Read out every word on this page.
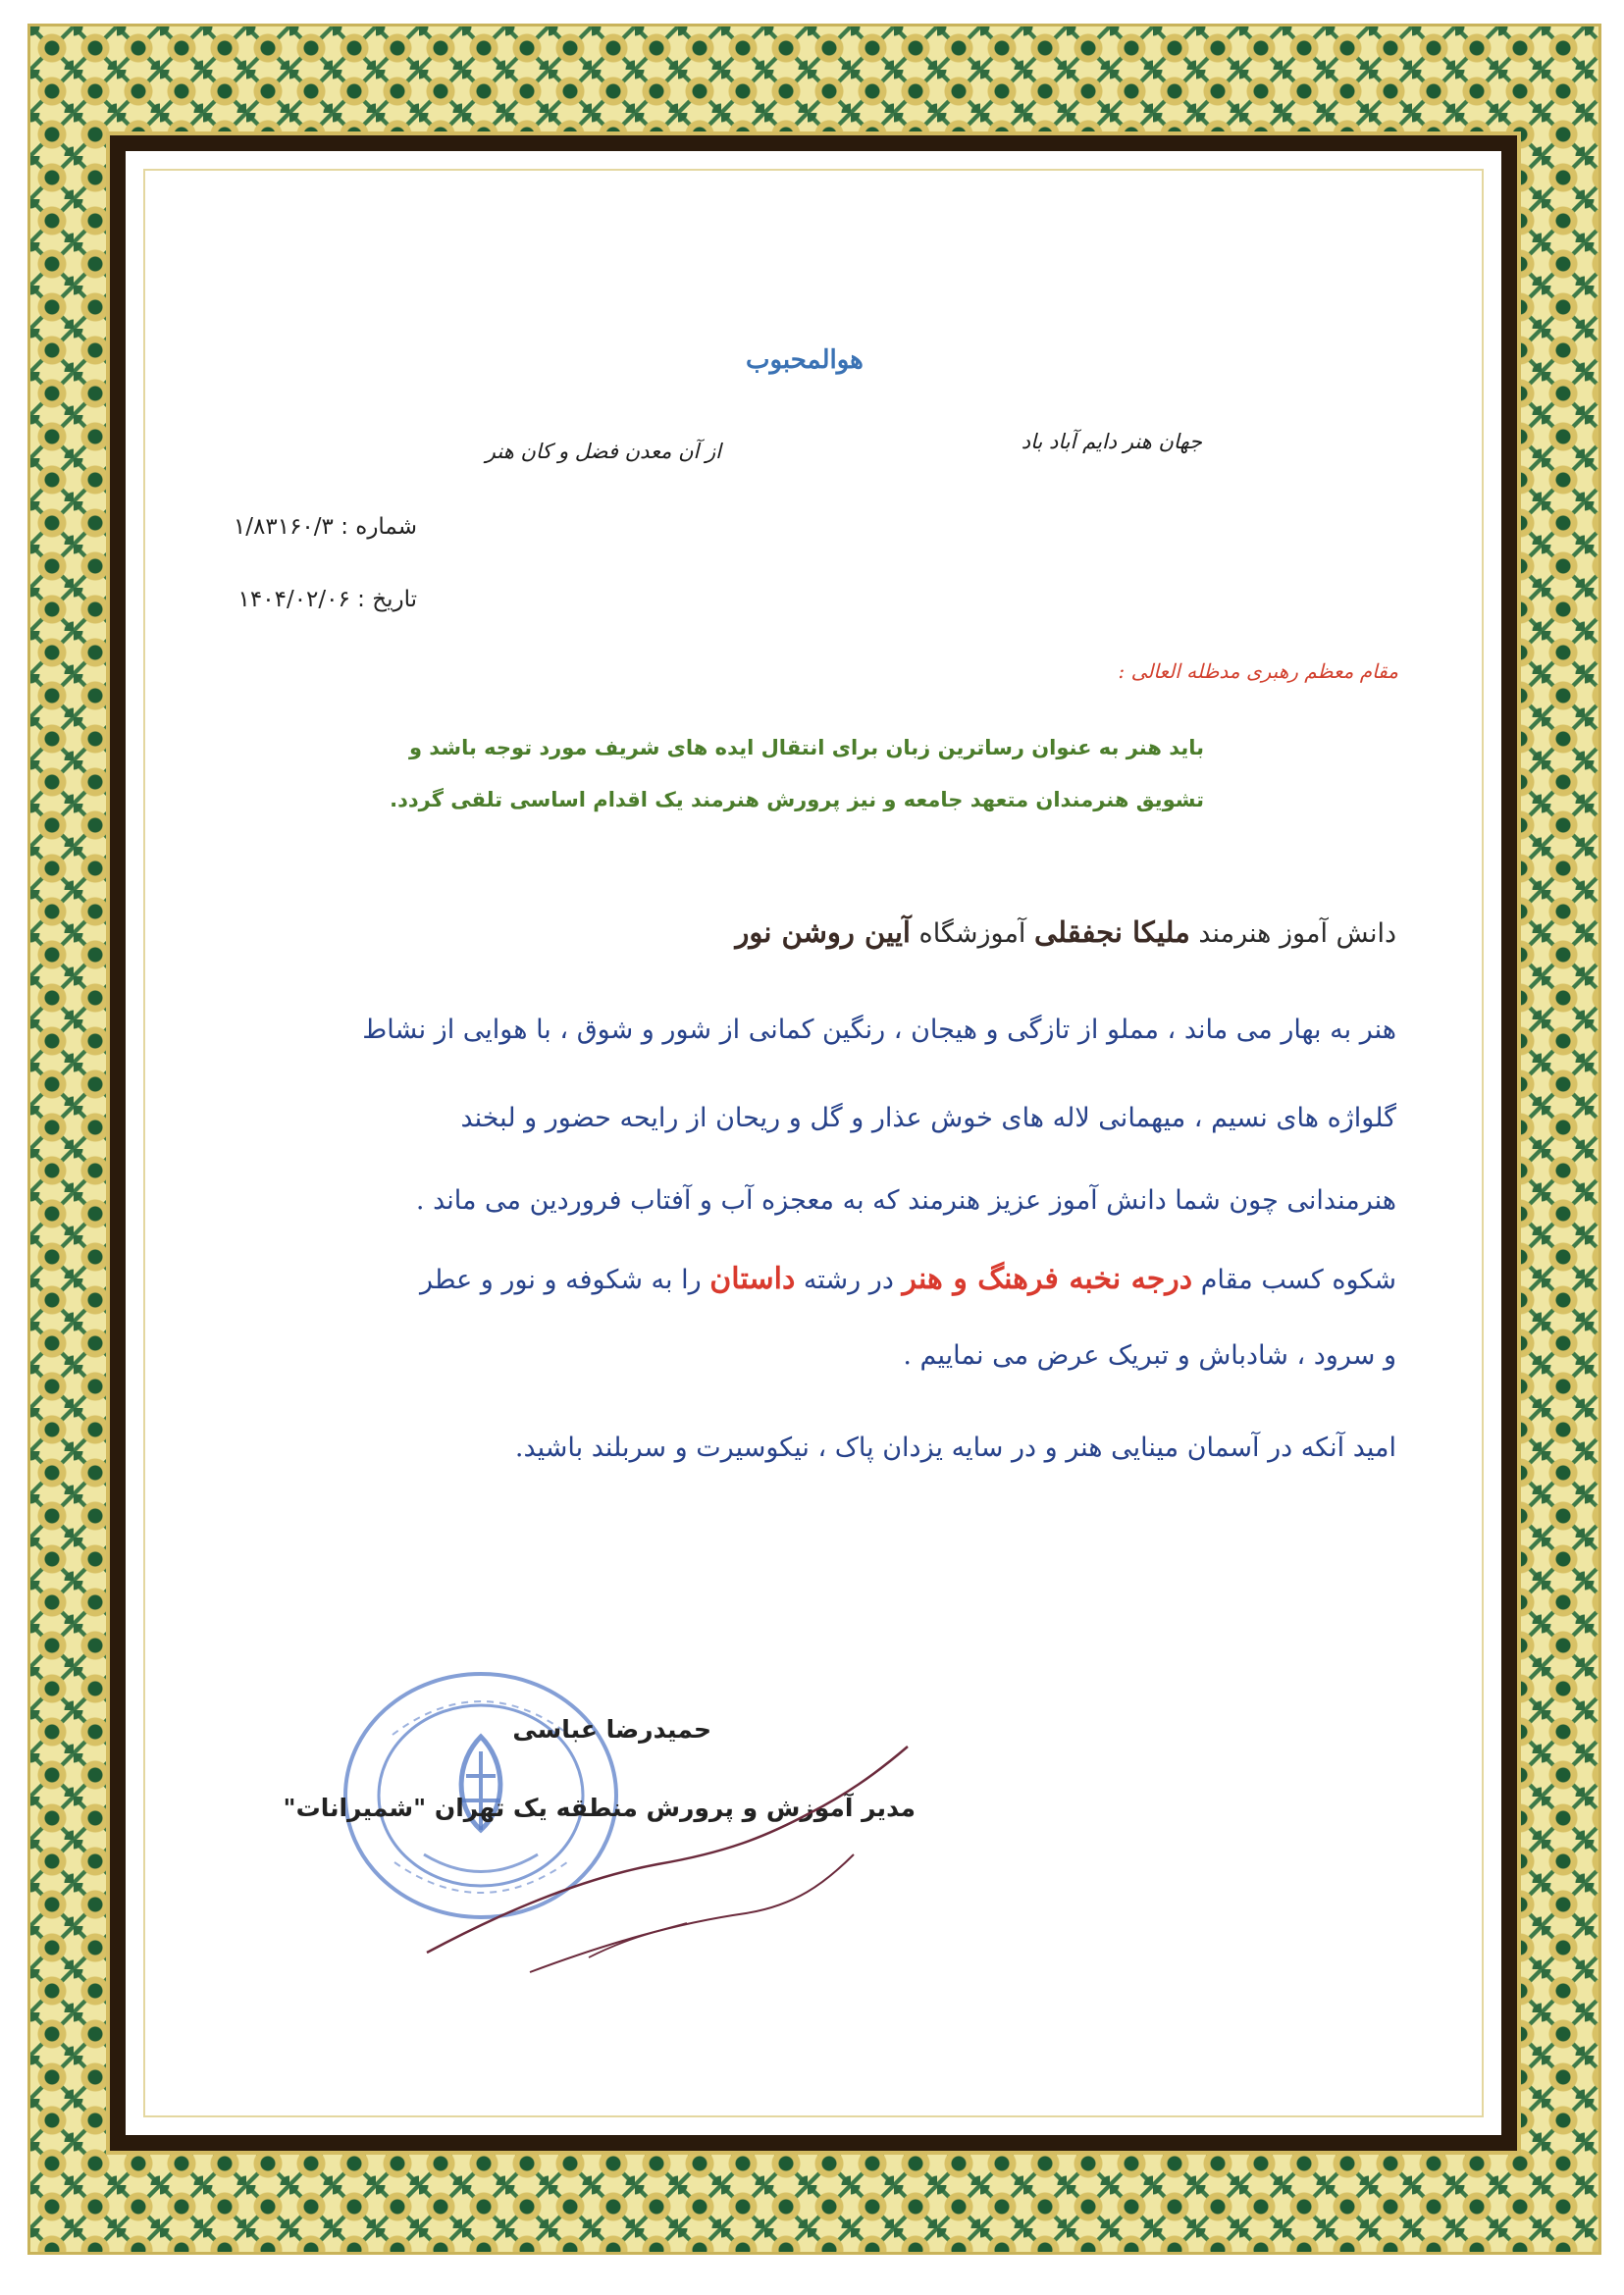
هوالمحبوب
جهان هنر دایم آباد باد
از آن معدن فضل و کان هنر
شماره : ۱/۸۳۱۶۰/۳
تاریخ : ۱۴۰۴/۰۲/۰۶
مقام معظم رهبری مدظله العالی :
باید هنر به عنوان رساترین زبان برای انتقال ایده های شریف مورد توجه باشد و
تشویق هنرمندان متعهد جامعه و نیز پرورش هنرمند یک اقدام اساسی تلقی گردد.
دانش آموز هنرمند ملیکا نجفقلی آموزشگاه آیین روشن نور
هنر به بهار می ماند ، مملو از تازگی و هیجان ، رنگین کمانی از شور و شوق ، با هوایی از نشاط
گلواژه های نسیم ، میهمانی لاله های خوش عذار و گل و ریحان از رایحه حضور و لبخند
هنرمندانی چون شما دانش آموز عزیز هنرمند که به معجزه آب و آفتاب فروردین می ماند .
شکوه کسب مقام درجه نخبه فرهنگ و هنر در رشته داستان را به شکوفه و نور و عطر
و سرود ، شادباش و تبریک عرض می نماییم .
امید آنکه در آسمان مینایی هنر و در سایه یزدان پاک ، نیکوسیرت و سربلند باشید.
حمیدرضا عباسی
مدیر آموزش و پرورش منطقه یک تهران "شمیرانات"
